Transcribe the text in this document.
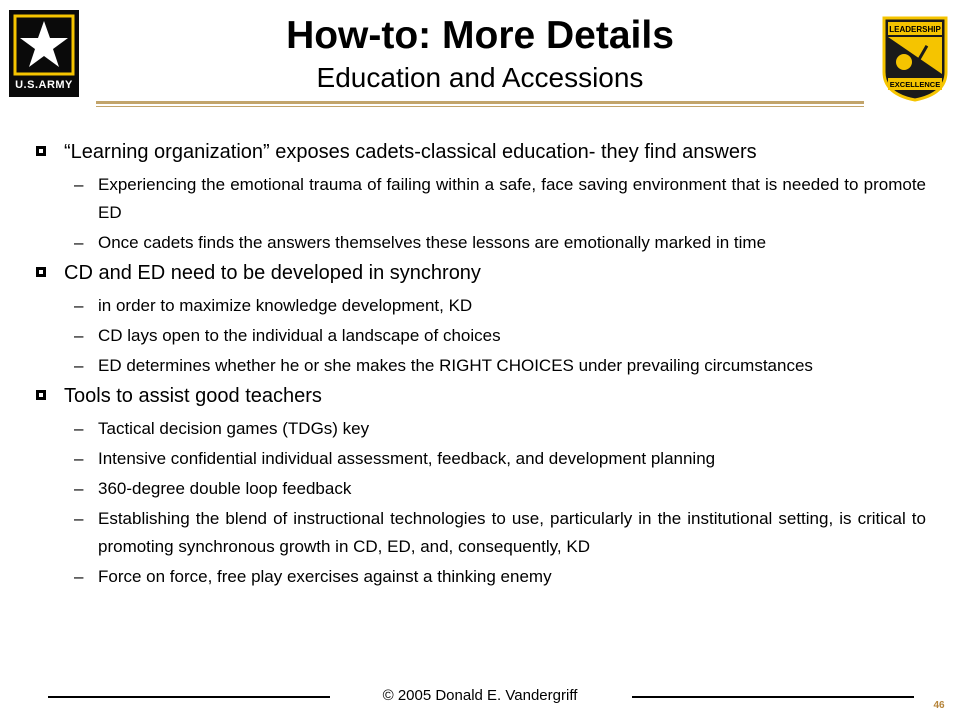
U.S.ARMY
LEADERSHIP
EXCELLENCE
How-to: More Details
Education and Accessions
“Learning organization” exposes cadets-classical education- they find answers
– Experiencing the emotional trauma of failing within a safe, face saving environment that is needed to promote ED
– Once cadets finds the answers themselves these lessons are emotionally marked in time
CD and ED need to be developed in synchrony
– in order to maximize knowledge development, KD
– CD lays open to the individual a landscape of choices
– ED determines whether he or she makes the RIGHT CHOICES under prevailing circumstances
Tools to assist good teachers
– Tactical decision games (TDGs) key
– Intensive confidential individual assessment, feedback, and development planning
– 360-degree double loop feedback
– Establishing the blend of instructional technologies to use, particularly in the institutional setting, is critical to promoting synchronous growth in CD, ED, and, consequently, KD
– Force on force, free play exercises against a thinking enemy
© 2005 Donald E. Vandergriff
46
